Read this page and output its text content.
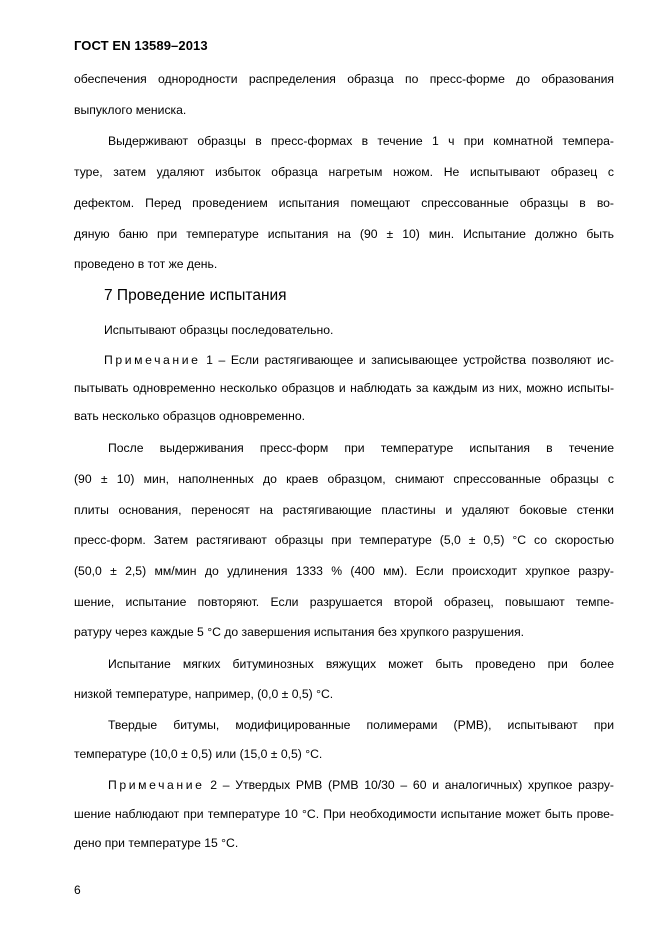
ГОСТ EN 13589–2013
обеспечения однородности распределения образца по пресс-форме до образования
выпуклого мениска.
Выдерживают образцы в пресс-формах в течение 1 ч при комнатной темпера-
туре, затем удаляют избыток образца нагретым ножом. Не испытывают образец с
дефектом. Перед проведением испытания помещают спрессованные образцы в во-
дяную баню при температуре испытания на (90 ± 10) мин. Испытание должно быть
проведено в тот же день.
7 Проведение испытания
Испытывают образцы последовательно.
Примечание 1 – Если растягивающее и записывающее устройства позволяют ис-
пытывать одновременно несколько образцов и наблюдать за каждым из них, можно испыты-
вать несколько образцов одновременно.
После выдерживания пресс-форм при температуре испытания в течение
(90 ± 10) мин, наполненных до краев образцом, снимают спрессованные образцы с
плиты основания, переносят на растягивающие пластины и удаляют боковые стенки
пресс-форм. Затем растягивают образцы при температуре (5,0 ± 0,5) °С со скоростью
(50,0 ± 2,5) мм/мин до удлинения 1333 % (400 мм). Если происходит хрупкое разру-
шение, испытание повторяют. Если разрушается второй образец, повышают темпе-
ратуру через каждые 5 °С до завершения испытания без хрупкого разрушения.
Испытание мягких битуминозных вяжущих может быть проведено при более
низкой температуре, например, (0,0 ± 0,5) °С.
Твердые битумы, модифицированные полимерами (PMB), испытывают при
температуре (10,0 ± 0,5) или (15,0 ± 0,5) °С.
Примечание 2 – Утвердых PMB (PMB 10/30 – 60 и аналогичных) хрупкое разру-
шение наблюдают при температуре 10 °С. При необходимости испытание может быть прове-
дено при температуре 15 °С.
6
